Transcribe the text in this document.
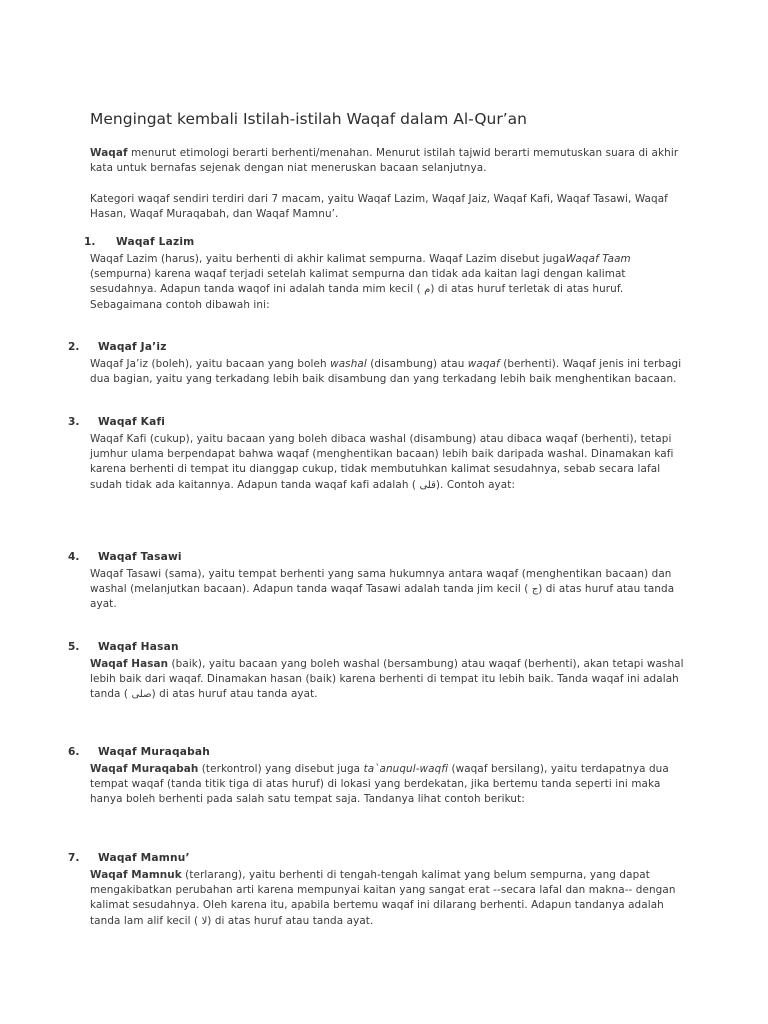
Mengingat kembali Istilah-istilah Waqaf dalam Al-Qur’an

Waqaf menurut etimologi berarti berhenti/menahan. Menurut istilah tajwid berarti memutuskan suara di akhir kata untuk bernafas sejenak dengan niat meneruskan bacaan selanjutnya.

Kategori waqaf sendiri terdiri dari 7 macam, yaitu Waqaf Lazim, Waqaf Jaiz, Waqaf Kafi, Waqaf Tasawi, Waqaf Hasan, Waqaf Muraqabah, dan Waqaf Mamnu’.

1. Waqaf Lazim

Waqaf Lazim (harus), yaitu berhenti di akhir kalimat sempurna. Waqaf Lazim disebut jugaWaqaf Taam (sempurna) karena waqaf terjadi setelah kalimat sempurna dan tidak ada kaitan lagi dengan kalimat sesudahnya. Adapun tanda waqof ini adalah tanda mim kecil ( م) di atas huruf terletak di atas huruf. Sebagaimana contoh dibawah ini:

2. Waqaf Ja’iz

Waqaf Ja’iz (boleh), yaitu bacaan yang boleh washal (disambung) atau waqaf (berhenti). Waqaf jenis ini terbagi dua bagian, yaitu yang terkadang lebih baik disambung dan yang terkadang lebih baik menghentikan bacaan.

3. Waqaf Kafi

Waqaf Kafi (cukup), yaitu bacaan yang boleh dibaca washal (disambung) atau dibaca waqaf (berhenti), tetapi jumhur ulama berpendapat bahwa waqaf (menghentikan bacaan) lebih baik daripada washal. Dinamakan kafi karena berhenti di tempat itu dianggap cukup, tidak membutuhkan kalimat sesudahnya, sebab secara lafal sudah tidak ada kaitannya. Adapun tanda waqaf kafi adalah ( قلى). Contoh ayat:

4. Waqaf Tasawi

Waqaf Tasawi (sama), yaitu tempat berhenti yang sama hukumnya antara waqaf (menghentikan bacaan) dan washal (melanjutkan bacaan). Adapun tanda waqaf Tasawi adalah tanda jim kecil ( ج) di atas huruf atau tanda ayat.

5. Waqaf Hasan

Waqaf Hasan (baik), yaitu bacaan yang boleh washal (bersambung) atau waqaf (berhenti), akan tetapi washal lebih baik dari waqaf. Dinamakan hasan (baik) karena berhenti di tempat itu lebih baik. Tanda waqaf ini adalah tanda ( صلى) di atas huruf atau tanda ayat.

6. Waqaf Muraqabah

Waqaf Muraqabah (terkontrol) yang disebut juga ta`anuqul-waqfi (waqaf bersilang), yaitu terdapatnya dua tempat waqaf (tanda titik tiga di atas huruf) di lokasi yang berdekatan, jika bertemu tanda seperti ini maka hanya boleh berhenti pada salah satu tempat saja. Tandanya lihat contoh berikut:

7. Waqaf Mamnu’

Waqaf Mamnuk (terlarang), yaitu berhenti di tengah-tengah kalimat yang belum sempurna, yang dapat mengakibatkan perubahan arti karena mempunyai kaitan yang sangat erat --secara lafal dan makna-- dengan kalimat sesudahnya. Oleh karena itu, apabila bertemu waqaf ini dilarang berhenti. Adapun tandanya adalah tanda lam alif kecil ( لا) di atas huruf atau tanda ayat.
